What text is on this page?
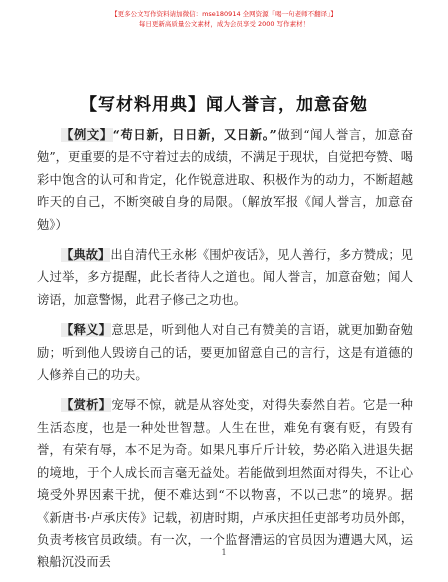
【更多公文写作资料请加微信：mse180914 全网资源「喝一句老师不翻译」】
每日更新高质量公文素材，成为会员享受 2000 写作素材！
【写材料用典】闻人誉言，加意奋勉

【例文】“苟日新，日日新，又日新。”做到“闻人誉言，加意奋勉”，更重要的是不守着过去的成绩，不满足于现状，自觉把夸赞、喝彩中饱含的认可和肯定，化作锐意进取、积极作为的动力，不断超越昨天的自己，不断突破自身的局限。（解放军报《闻人誉言，加意奋勉》）

【典故】出自清代王永彬《围炉夜话》，见人善行，多方赞成；见人过举，多方提醒，此长者待人之道也。闻人誉言，加意奋勉；闻人谤语，加意警惕，此君子修己之功也。

【释义】意思是，听到他人对自己有赞美的言语，就更加勤奋勉励；听到他人毁谤自己的话，要更加留意自己的言行，这是有道德的人修养自己的功夫。

【赏析】宠辱不惊，就是从容处变，对得失泰然自若。它是一种生活态度，也是一种处世智慧。人生在世，难免有褒有贬，有毁有誉，有荣有辱，本不足为奇。如果凡事斤斤计较，势必陷入进退失据的境地，于个人成长而言毫无益处。若能做到坦然面对得失，不让心境受外界因素干扰，便不难达到“不以物喜，不以己悲”的境界。据《新唐书·卢承庆传》记载，初唐时期，卢承庆担任吏部考功员外郎，负责考核官员政绩。有一次，一个监督漕运的官员因为遭遇大风，运粮船沉没而丢

1
